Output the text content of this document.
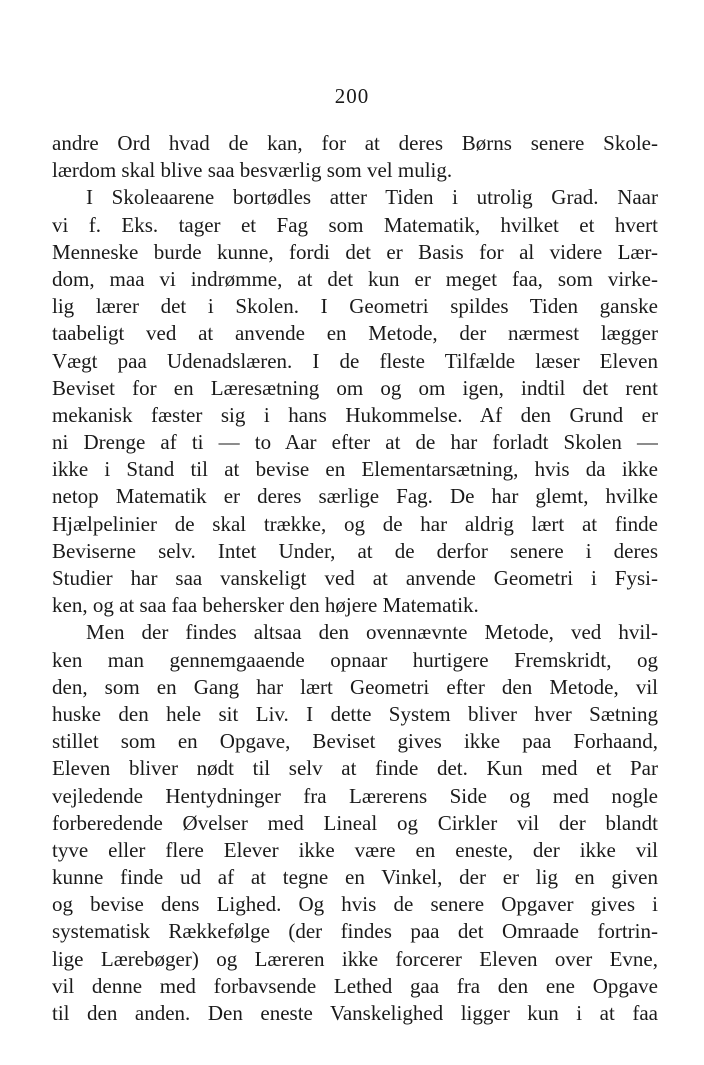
200
andre Ord hvad de kan, for at deres Børns senere Skole-
lærdom skal blive saa besværlig som vel mulig.
I Skoleaarene bortødles atter Tiden i utrolig Grad. Naar
vi f. Eks. tager et Fag som Matematik, hvilket et hvert
Menneske burde kunne, fordi det er Basis for al videre Lær-
dom, maa vi indrømme, at det kun er meget faa, som virke-
lig lærer det i Skolen. I Geometri spildes Tiden ganske
taabeligt ved at anvende en Metode, der nærmest lægger
Vægt paa Udenadslæren. I de fleste Tilfælde læser Eleven
Beviset for en Læresætning om og om igen, indtil det rent
mekanisk fæster sig i hans Hukommelse. Af den Grund er
ni Drenge af ti — to Aar efter at de har forladt Skolen —
ikke i Stand til at bevise en Elementarsætning, hvis da ikke
netop Matematik er deres særlige Fag. De har glemt, hvilke
Hjælpelinier de skal trække, og de har aldrig lært at finde
Beviserne selv. Intet Under, at de derfor senere i deres
Studier har saa vanskeligt ved at anvende Geometri i Fysi-
ken, og at saa faa behersker den højere Matematik.
Men der findes altsaa den ovennævnte Metode, ved hvil-
ken man gennemgaaende opnaar hurtigere Fremskridt, og
den, som en Gang har lært Geometri efter den Metode, vil
huske den hele sit Liv. I dette System bliver hver Sætning
stillet som en Opgave, Beviset gives ikke paa Forhaand,
Eleven bliver nødt til selv at finde det. Kun med et Par
vejledende Hentydninger fra Lærerens Side og med nogle
forberedende Øvelser med Lineal og Cirkler vil der blandt
tyve eller flere Elever ikke være en eneste, der ikke vil
kunne finde ud af at tegne en Vinkel, der er lig en given
og bevise dens Lighed. Og hvis de senere Opgaver gives i
systematisk Rækkefølge (der findes paa det Omraade fortrin-
lige Lærebøger) og Læreren ikke forcerer Eleven over Evne,
vil denne med forbavsende Lethed gaa fra den ene Opgave
til den anden. Den eneste Vanskelighed ligger kun i at faa
